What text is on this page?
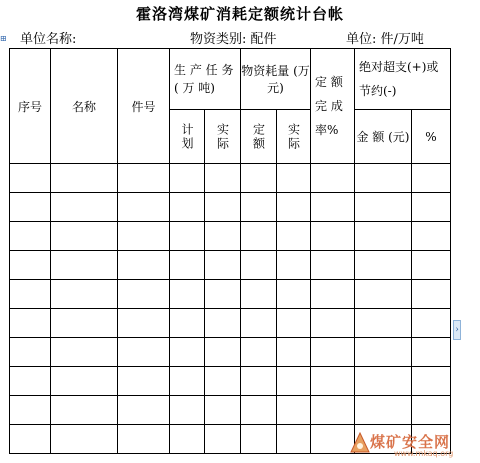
霍洛湾煤矿消耗定额统计台帐
⊞ 单位名称:	物资类别: 配件	单位: 件/万吨
序号	名称	件号	生 产 任 务 ( 万 吨)		物资耗量 (万元)		定 额 完 成 率%	绝对超支(+)或节约(-)	

			计划	实际	定额	实际		金 额 (元)	%

›
煤矿安全网
www.mkaq.org
